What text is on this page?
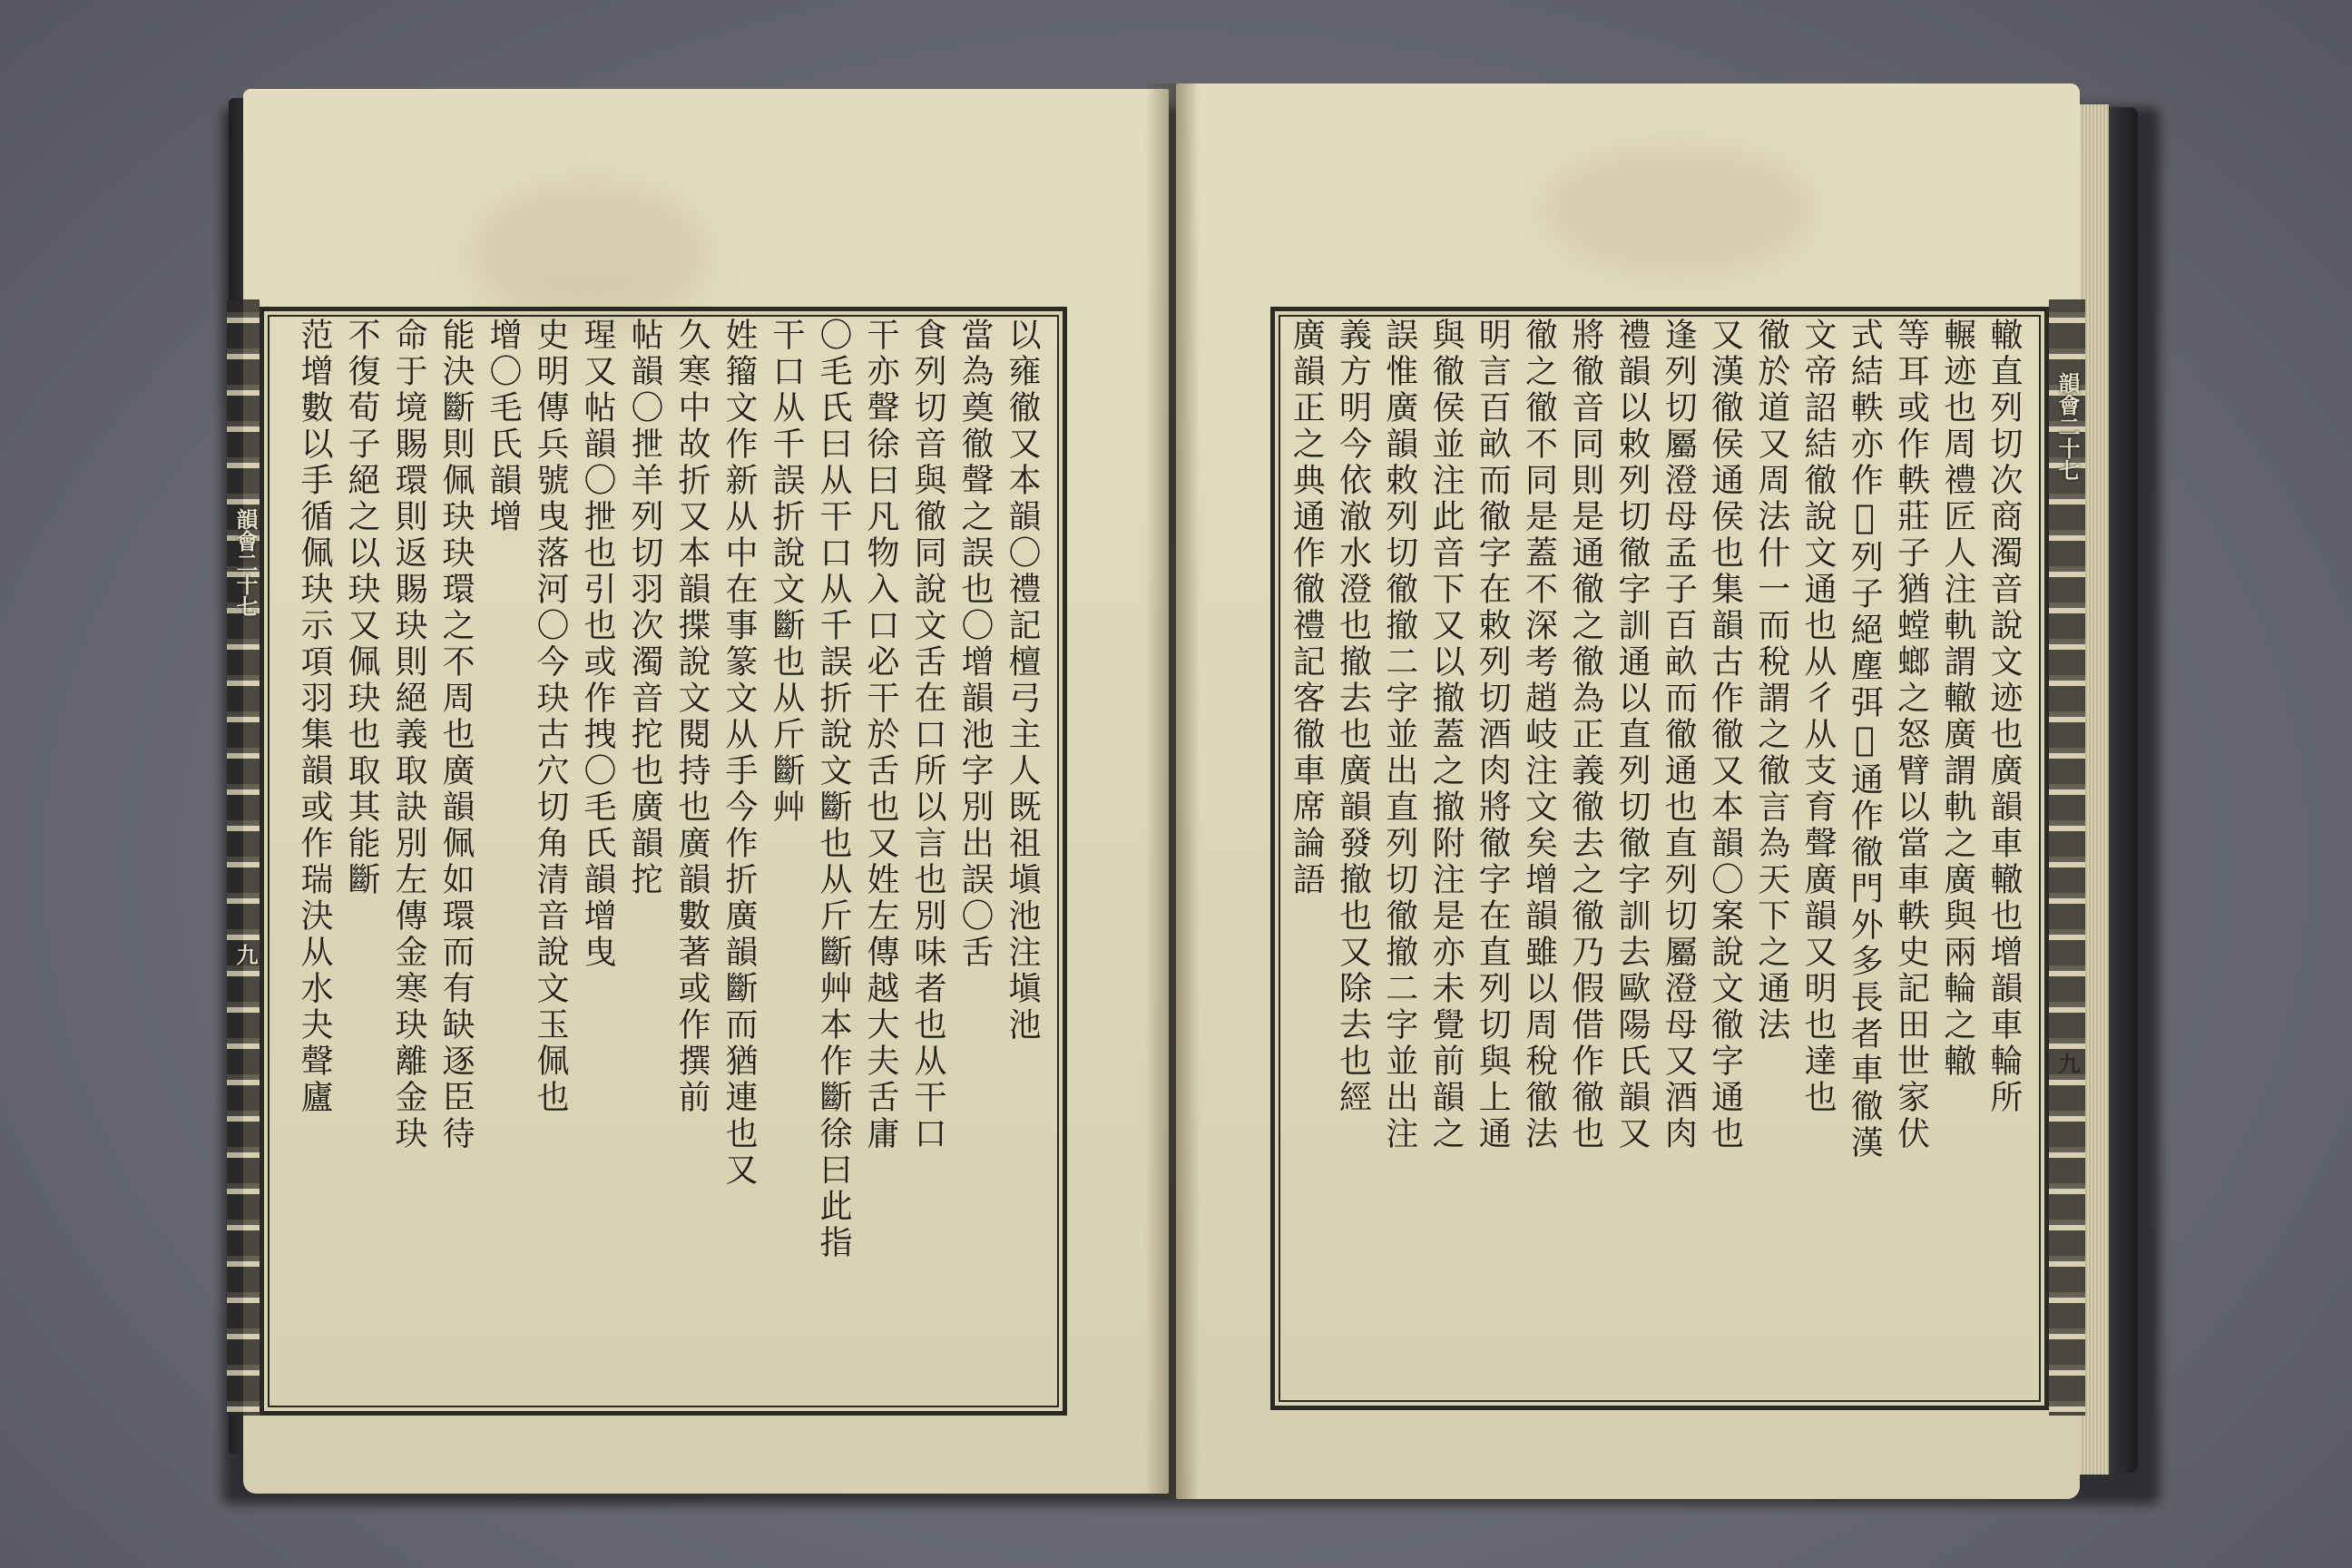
韻會二十七
九
韻會二十七
九
以雍徹又本韻〇禮記檀弓主人既祖塡池注塡池
當為奠徹聲之誤也〇增韻池字別出誤〇舌
食列切音與徹同說文舌在口所以言也別味者也从干口
干亦聲徐曰凡物入口必干於舌也又姓左傳越大夫舌庸
〇毛氏曰从干口从千誤折說文斷也从斤斷艸本作斷徐曰此指
干口从千誤折說文斷也从斤斷艸
姓籀文作新从中在事篆文从手今作折廣韻斷而猶連也又
久寒中故折又本韻揲說文閱持也廣韻數著或作撰前
帖韻〇抴羊列切羽次濁音拕也廣韻拕
瑆又帖韻〇抴也引也或作拽〇毛氏韻增曳
史明傳兵號曳落河〇今玦古穴切角清音說文玉佩也
增〇毛氏韻增
能決斷則佩玦玦環之不周也廣韻佩如環而有缺逐臣待
命于境賜環則返賜玦則絕義取訣別左傳金寒玦離金玦
不復荀子絕之以玦又佩玦也取其能斷
范增數以手循佩玦示項羽集韻或作瑞決从水夬聲廬	轍直列切次商濁音說文迹也廣韻車轍也增韻車輪所
輾迹也周禮匠人注軌謂轍廣謂軌之廣與兩輪之轍
等耳或作軼莊子猶螳螂之怒臂以當車軼史記田世家伏
式結軼亦作𨂍列子絕塵弭𨂍通作徹門外多長者車徹漢
文帝詔結徹說文通也从彳从支育聲廣韻又明也達也
徹於道又周法什一而稅謂之徹言為天下之通法
又漢徹侯通侯也集韻古作徹又本韻〇案說文徹字通也
逢列切屬澄母孟子百畝而徹通也直列切屬澄母又酒肉
禮韻以敕列切徹字訓通以直列切徹字訓去歐陽氏韻又
將徹音同則是通徹之徹為正義徹去之徹乃假借作徹也
徹之徹不同是蓋不深考趙岐注文矣增韻雖以周稅徹法
明言百畝而徹字在敕列切酒肉將徹字在直列切與上通
與徹侯並注此音下又以撤蓋之撤附注是亦未覺前韻之
誤惟廣韻敕列切徹撤二字並出直列切徹撤二字並出注
義方明今依澈水澄也撤去也廣韻發撤也又除去也經
廣韻正之典通作徹禮記客徹車席論語
